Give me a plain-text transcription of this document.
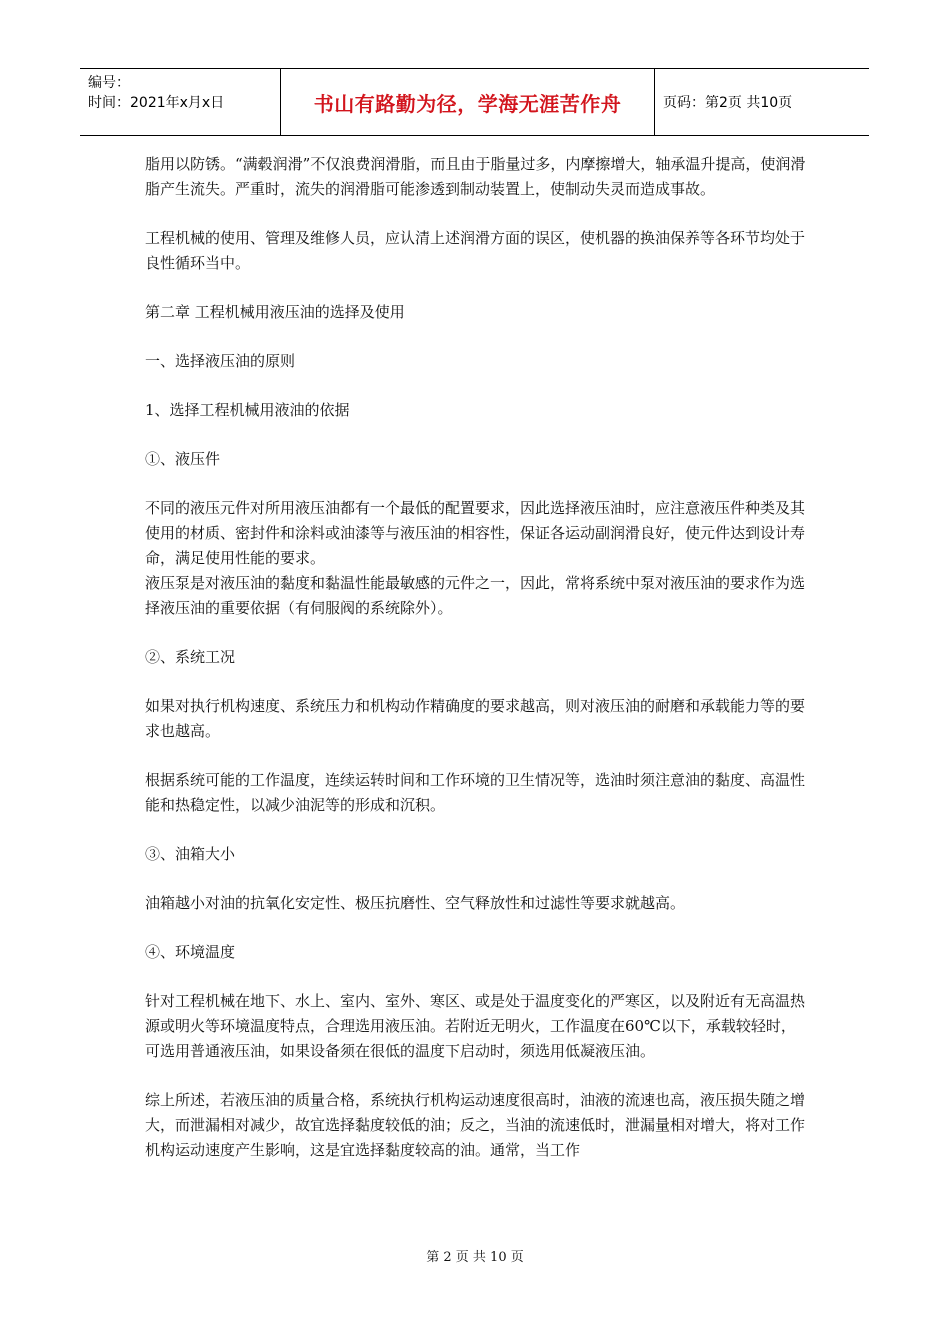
编号：
时间：2021年x月x日	书山有路勤为径，学海无涯苦作舟	页码：第2页 共10页

脂用以防锈。“满毂润滑”不仅浪费润滑脂，而且由于脂量过多，内摩擦增大，轴承温升提高，使润滑脂产生流失。严重时，流失的润滑脂可能渗透到制动装置上，使制动失灵而造成事故。

工程机械的使用、管理及维修人员，应认清上述润滑方面的误区，使机器的换油保养等各环节均处于良性循环当中。

第二章 工程机械用液压油的选择及使用

一、选择液压油的原则

1、选择工程机械用液油的依据

①、液压件

不同的液压元件对所用液压油都有一个最低的配置要求，因此选择液压油时，应注意液压件种类及其使用的材质、密封件和涂料或油漆等与液压油的相容性，保证各运动副润滑良好，使元件达到设计寿命，满足使用性能的要求。

液压泵是对液压油的黏度和黏温性能最敏感的元件之一，因此，常将系统中泵对液压油的要求作为选择液压油的重要依据（有伺服阀的系统除外）。

②、系统工况

如果对执行机构速度、系统压力和机构动作精确度的要求越高，则对液压油的耐磨和承载能力等的要求也越高。

根据系统可能的工作温度，连续运转时间和工作环境的卫生情况等，选油时须注意油的黏度、高温性能和热稳定性，以减少油泥等的形成和沉积。

③、油箱大小

油箱越小对油的抗氧化安定性、极压抗磨性、空气释放性和过滤性等要求就越高。

④、环境温度

针对工程机械在地下、水上、室内、室外、寒区、或是处于温度变化的严寒区，以及附近有无高温热源或明火等环境温度特点，合理选用液压油。若附近无明火，工作温度在60℃以下，承载较轻时，可选用普通液压油，如果设备须在很低的温度下启动时，须选用低凝液压油。

综上所述，若液压油的质量合格，系统执行机构运动速度很高时，油液的流速也高，液压损失随之增大，而泄漏相对减少，故宜选择黏度较低的油；反之，当油的流速低时，泄漏量相对增大，将对工作机构运动速度产生影响，这是宜选择黏度较高的油。通常，当工作

第 2 页 共 10 页
